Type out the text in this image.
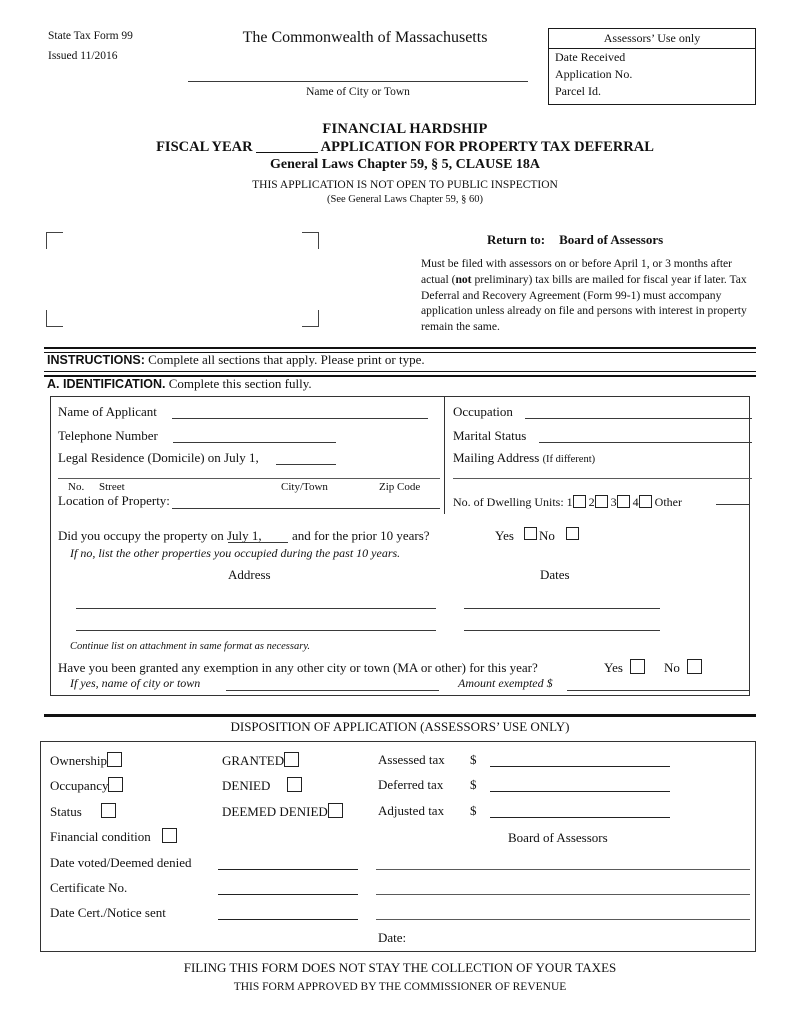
State Tax Form 99
Issued 11/2016
The Commonwealth of Massachusetts
Name of City or Town
Assessors’ Use only
Date Received
Application No.
Parcel Id.
FINANCIAL HARDSHIP
FISCAL YEAR	APPLICATION FOR PROPERTY TAX DEFERRAL
General Laws Chapter 59, § 5, CLAUSE 18A
THIS APPLICATION IS NOT OPEN TO PUBLIC INSPECTION
(See General Laws Chapter 59, § 60)
Return to: Board of Assessors
Must be filed with assessors on or before April 1, or 3 months after actual (not preliminary) tax bills are mailed for fiscal year if later. Tax Deferral and Recovery Agreement (Form 99-1) must accompany application unless already on file and persons with interest in property remain the same.
INSTRUCTIONS: Complete all sections that apply. Please print or type.
A. IDENTIFICATION. Complete this section fully.
Name of Applicant
Telephone Number
Legal Residence (Domicile) on July 1,
No. Street	City/Town	Zip Code
Location of Property:
Occupation
Marital Status
Mailing Address (If different)
No. of Dwelling Units: 1 2 3 4 Other
Did you occupy the property on July 1, and for the prior 10 years?	Yes No
If no, list the other properties you occupied during the past 10 years.
Address	Dates
Continue list on attachment in same format as necessary.
Have you been granted any exemption in any other city or town (MA or other) for this year?	Yes	No
If yes, name of city or town	Amount exempted $
DISPOSITION OF APPLICATION (ASSESSORS’ USE ONLY)
Ownership
Occupancy
Status
Financial condition
GRANTED
DENIED
DEEMED DENIED
Assessed tax $
Deferred tax $
Adjusted tax $
Board of Assessors
Date voted/Deemed denied
Certificate No.
Date Cert./Notice sent
Date:
FILING THIS FORM DOES NOT STAY THE COLLECTION OF YOUR TAXES
THIS FORM APPROVED BY THE COMMISSIONER OF REVENUE
